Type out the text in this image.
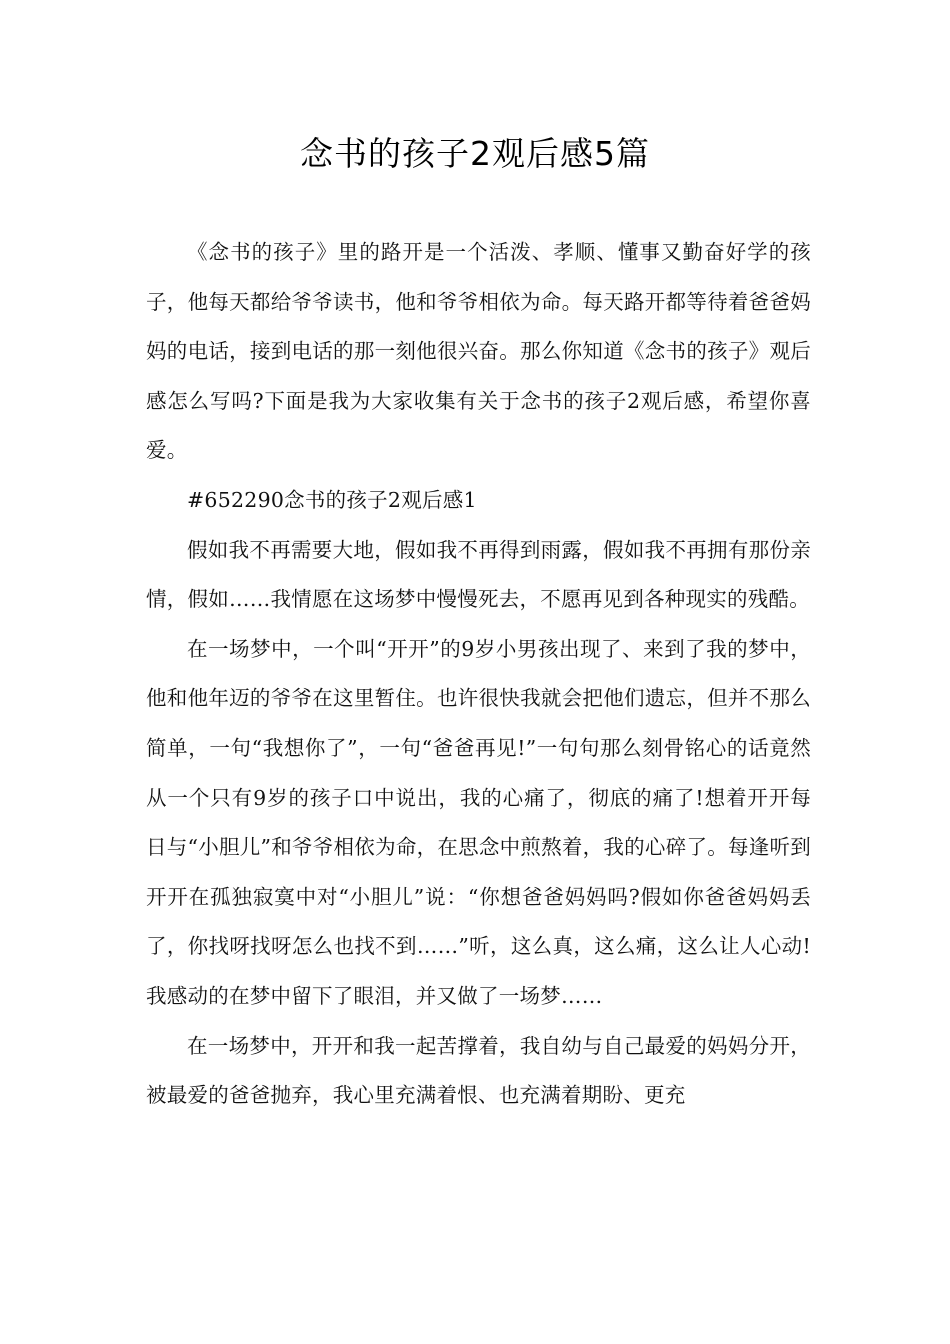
念书的孩子2观后感5篇

《念书的孩子》里的路开是一个活泼、孝顺、懂事又勤奋好学的孩子，他每天都给爷爷读书，他和爷爷相依为命。每天路开都等待着爸爸妈妈的电话，接到电话的那一刻他很兴奋。那么你知道《念书的孩子》观后感怎么写吗?下面是我为大家收集有关于念书的孩子2观后感，希望你喜爱。

#652290念书的孩子2观后感1

假如我不再需要大地，假如我不再得到雨露，假如我不再拥有那份亲情，假如……我情愿在这场梦中慢慢死去，不愿再见到各种现实的残酷。

在一场梦中，一个叫“开开”的9岁小男孩出现了、来到了我的梦中，他和他年迈的爷爷在这里暂住。也许很快我就会把他们遗忘，但并不那么简单，一句“我想你了”，一句“爸爸再见!”一句句那么刻骨铭心的话竟然从一个只有9岁的孩子口中说出，我的心痛了，彻底的痛了!想着开开每日与“小胆儿”和爷爷相依为命，在思念中煎熬着，我的心碎了。每逢听到开开在孤独寂寞中对“小胆儿”说：“你想爸爸妈妈吗?假如你爸爸妈妈丢了，你找呀找呀怎么也找不到……”听，这么真，这么痛，这么让人心动!我感动的在梦中留下了眼泪，并又做了一场梦……

在一场梦中，开开和我一起苦撑着，我自幼与自己最爱的妈妈分开，被最爱的爸爸抛弃，我心里充满着恨、也充满着期盼、更充
